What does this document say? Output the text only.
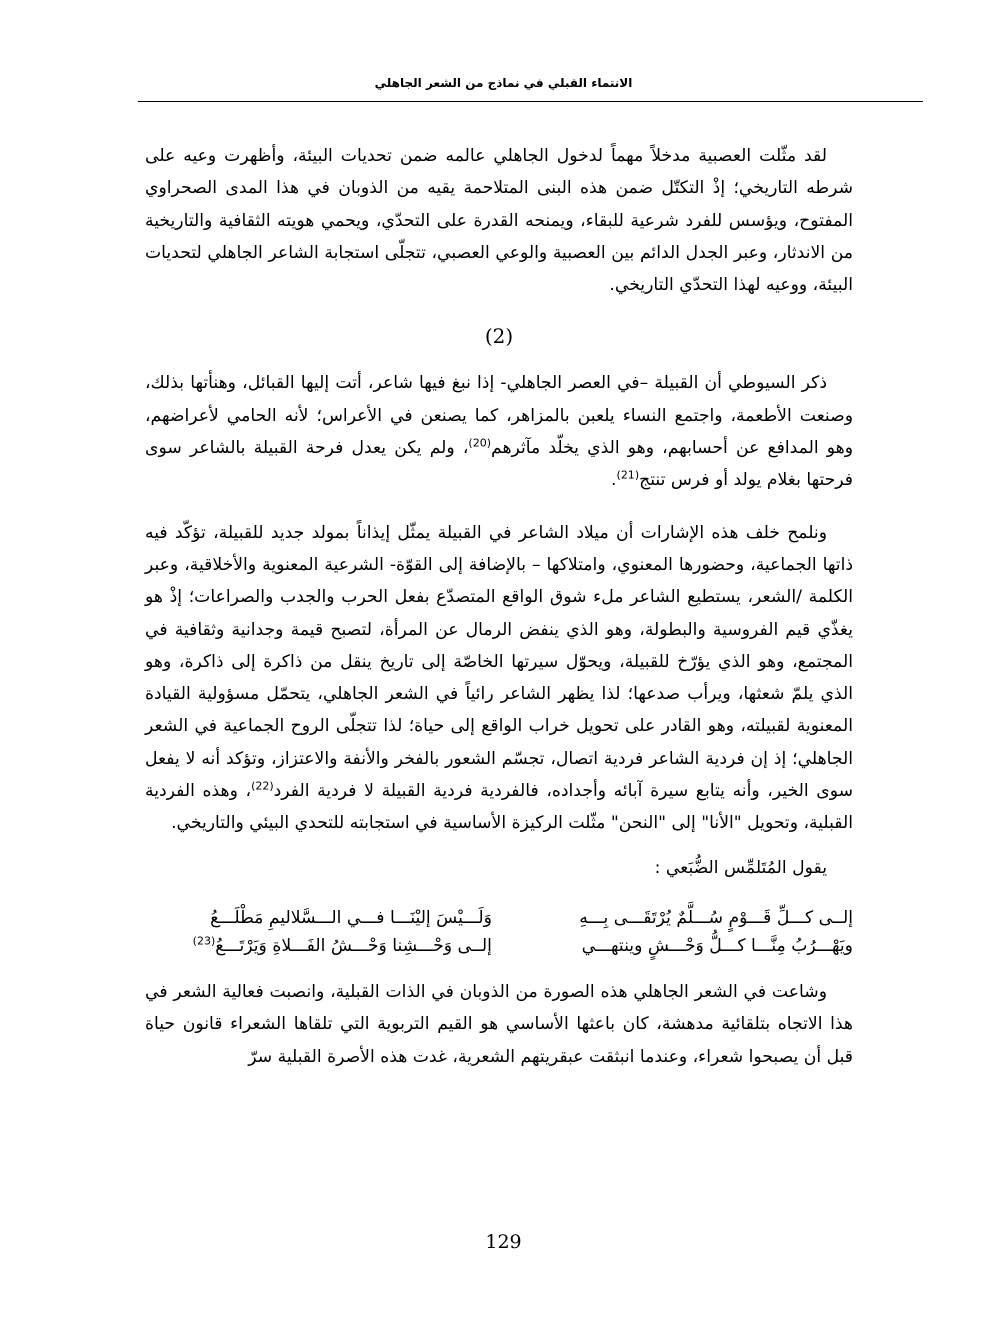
الانتماء القبلي في نماذج من الشعر الجاهلي

لقد مثّلت العصبية مدخلاً مهماً لدخول الجاهلي عالمه ضمن تحديات البيئة، وأظهرت وعيه على شرطه التاريخي؛ إذْ التكتّل ضمن هذه البنى المتلاحمة يقيه من الذوبان في هذا المدى الصحراوي المفتوح، ويؤسس للفرد شرعية للبقاء، ويمنحه القدرة على التحدّي، ويحمي هويته الثقافية والتاريخية من الاندثار، وعبر الجدل الدائم بين العصبية والوعي العصبي، تتجلّى استجابة الشاعر الجاهلي لتحديات البيئة، ووعيه لهذا التحدّي التاريخي.

(2)

ذكر السيوطي أن القبيلة –في العصر الجاهلي- إذا نبغ فيها شاعر، أتت إليها القبائل، وهنأتها بذلك، وصنعت الأطعمة، واجتمع النساء يلعبن بالمزاهر، كما يصنعن في الأعراس؛ لأنه الحامي لأعراضهم، وهو المدافع عن أحسابهم، وهو الذي يخلّد مآثرهم$^{(20)}$، ولم يكن يعدل فرحة القبيلة بالشاعر سوى فرحتها بغلام يولد أو فرس تنتج$^{(21)}$.

ونلمح خلف هذه الإشارات أن ميلاد الشاعر في القبيلة يمثّل إيذاناً بمولد جديد للقبيلة، تؤكّد فيه ذاتها الجماعية، وحضورها المعنوي، وامتلاكها – بالإضافة إلى القوّة- الشرعية المعنوية والأخلاقية، وعبر الكلمة /الشعر، يستطيع الشاعر ملء شوق الواقع المتصدّع بفعل الحرب والجدب والصراعات؛ إذْ هو يغذّي قيم الفروسية والبطولة، وهو الذي ينفض الرمال عن المرأة، لتصبح قيمة وجدانية وثقافية في المجتمع، وهو الذي يؤرّخ للقبيلة، ويحوّل سيرتها الخاصّة إلى تاريخ ينقل من ذاكرة إلى ذاكرة، وهو الذي يلمّ شعثها، ويرأب صدعها؛ لذا يظهر الشاعر رائياً في الشعر الجاهلي، يتحمّل مسؤولية القيادة المعنوية لقبيلته، وهو القادر على تحويل خراب الواقع إلى حياة؛ لذا تتجلّى الروح الجماعية في الشعر الجاهلي؛ إذ إن فردية الشاعر فردية اتصال، تجسّم الشعور بالفخر والأنفة والاعتزاز، وتؤكد أنه لا يفعل سوى الخير، وأنه يتابع سيرة آبائه وأجداده، فالفردية فردية القبيلة لا فردية الفرد$^{(22)}$، وهذه الفردية القبلية، وتحويل "الأنا" إلى "النحن" مثّلت الركيزة الأساسية في استجابته للتحدي البيئي والتاريخي.

يقول المُتَلمِّس الضُّبَعي :

إلــى كـــلِّ قَـــوْمٍ سُـــلَّمٌ يُرْتَقَـــى بِـــهِ	وَلَـــيْسَ إليْنَـــا فـــي الـــسَّلاليمِ مَطْلَـــعُ
ويَهْـــرُبُ مِنَّـــا كـــلُّ وَحْـــشٍ وينتهـــي	إلــى وَحْـــشِنا وَحْـــشُ الفَـــلاةِ وَيَرْتَـــعُ$^{(23)}$

وشاعت في الشعر الجاهلي هذه الصورة من الذوبان في الذات القبلية، وانصبت فعالية الشعر في هذا الاتجاه بتلقائية مدهشة، كان باعثها الأساسي هو القيم التربوية التي تلقاها الشعراء قانون حياة قبل أن يصبحوا شعراء، وعندما انبثقت عبقريتهم الشعرية، غدت هذه الأصرة القبلية سرّ

129
